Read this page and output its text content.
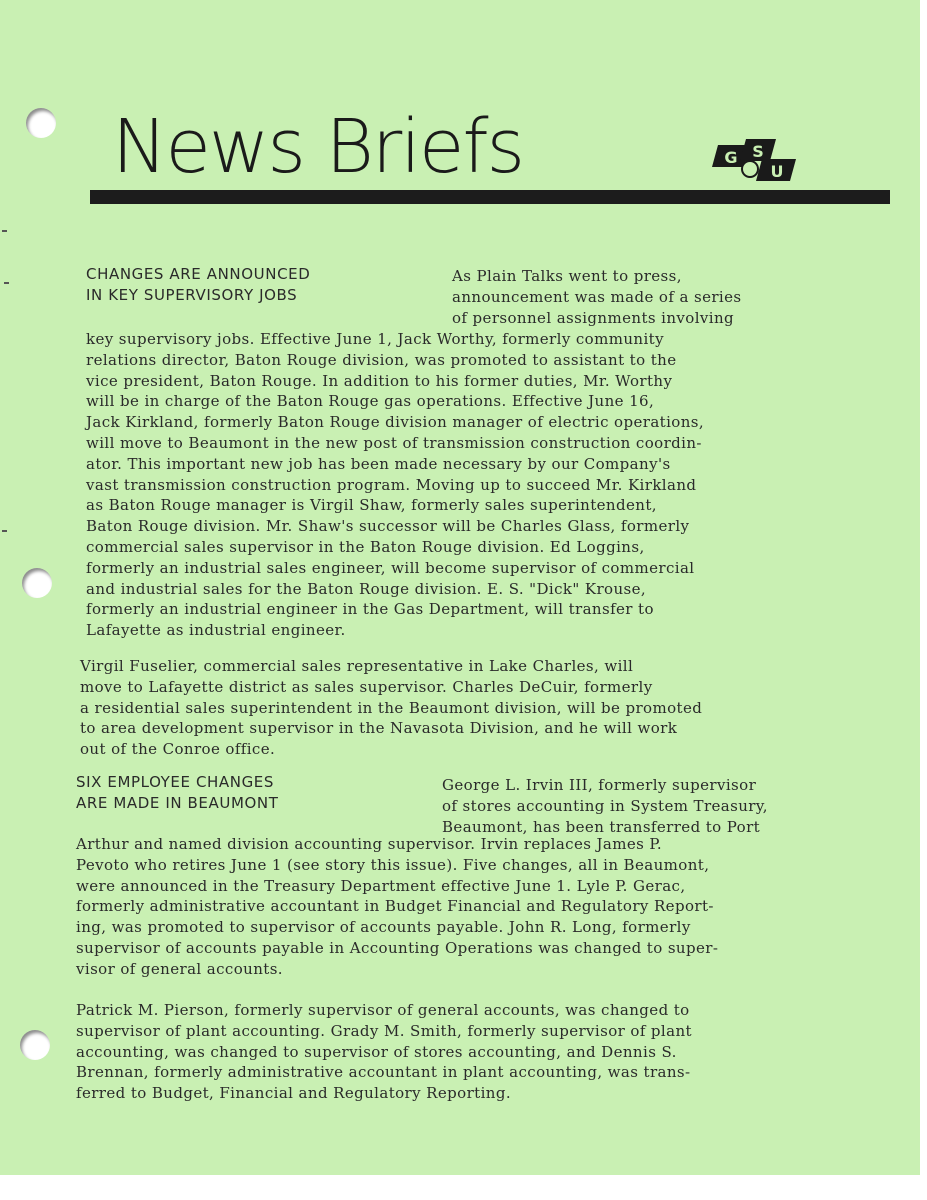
News Briefs	G S
U
CHANGES ARE ANNOUNCED
IN KEY SUPERVISORY JOBS
As Plain Talks went to press,
announcement was made of a series
of personnel assignments involving
key supervisory jobs. Effective June 1, Jack Worthy, formerly community
relations director, Baton Rouge division, was promoted to assistant to the
vice president, Baton Rouge. In addition to his former duties, Mr. Worthy
will be in charge of the Baton Rouge gas operations. Effective June 16,
Jack Kirkland, formerly Baton Rouge division manager of electric operations,
will move to Beaumont in the new post of transmission construction coordin-
ator. This important new job has been made necessary by our Company's
vast transmission construction program. Moving up to succeed Mr. Kirkland
as Baton Rouge manager is Virgil Shaw, formerly sales superintendent,
Baton Rouge division. Mr. Shaw's successor will be Charles Glass, formerly
commercial sales supervisor in the Baton Rouge division. Ed Loggins,
formerly an industrial sales engineer, will become supervisor of commercial
and industrial sales for the Baton Rouge division. E. S. "Dick" Krouse,
formerly an industrial engineer in the Gas Department, will transfer to
Lafayette as industrial engineer.
Virgil Fuselier, commercial sales representative in Lake Charles, will
move to Lafayette district as sales supervisor. Charles DeCuir, formerly
a residential sales superintendent in the Beaumont division, will be promoted
to area development supervisor in the Navasota Division, and he will work
out of the Conroe office.
SIX EMPLOYEE CHANGES
ARE MADE IN BEAUMONT
George L. Irvin III, formerly supervisor
of stores accounting in System Treasury,
Beaumont, has been transferred to Port
Arthur and named division accounting supervisor. Irvin replaces James P.
Pevoto who retires June 1 (see story this issue). Five changes, all in Beaumont,
were announced in the Treasury Department effective June 1. Lyle P. Gerac,
formerly administrative accountant in Budget Financial and Regulatory Report-
ing, was promoted to supervisor of accounts payable. John R. Long, formerly
supervisor of accounts payable in Accounting Operations was changed to super-
visor of general accounts.
Patrick M. Pierson, formerly supervisor of general accounts, was changed to
supervisor of plant accounting. Grady M. Smith, formerly supervisor of plant
accounting, was changed to supervisor of stores accounting, and Dennis S.
Brennan, formerly administrative accountant in plant accounting, was trans-
ferred to Budget, Financial and Regulatory Reporting.
